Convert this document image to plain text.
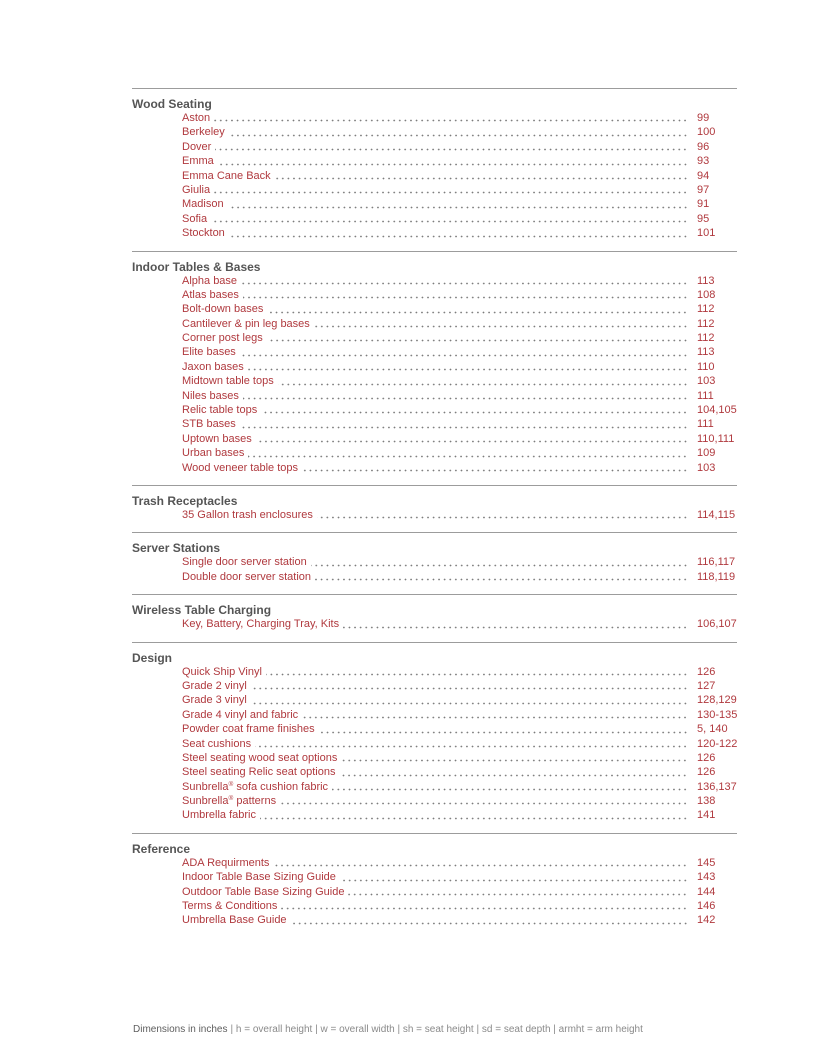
Wood Seating
Aston	99
Berkeley	100
Dover	96
Emma	93
Emma Cane Back	94
Giulia	97
Madison	91
Sofia	95
Stockton	101
Indoor Tables & Bases
Alpha base	113
Atlas bases	108
Bolt-down bases	112
Cantilever & pin leg bases	112
Corner post legs	112
Elite bases	113
Jaxon bases	110
Midtown table tops	103
Niles bases	111
Relic table tops	104,105
STB bases	111
Uptown bases	110,111
Urban bases	109
Wood veneer table tops	103
Trash Receptacles
35 Gallon trash enclosures	114,115
Server Stations
Single door server station	116,117
Double door server station	118,119
Wireless Table Charging
Key, Battery, Charging Tray, Kits	106,107
Design
Quick Ship Vinyl	126
Grade 2 vinyl	127
Grade 3 vinyl	128,129
Grade 4 vinyl and fabric	130-135
Powder coat frame finishes	5, 140
Seat cushions	120-122
Steel seating wood seat options	126
Steel seating Relic seat options	126
Sunbrella® sofa cushion fabric	136,137
Sunbrella® patterns	138
Umbrella fabric	141
Reference
ADA Requirments	145
Indoor Table Base Sizing Guide	143
Outdoor Table Base Sizing Guide	144
Terms & Conditions	146
Umbrella Base Guide	142
Dimensions in inches | h = overall height | w = overall width | sh = seat height | sd = seat depth | armht = arm height
